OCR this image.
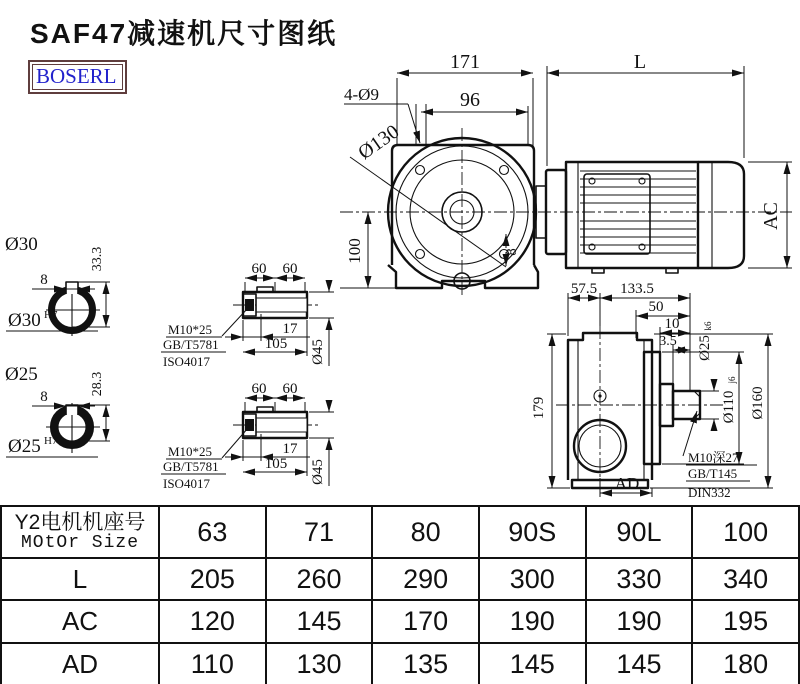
SAF47减速机尺寸图纸
BOSERL
171	L
96
4-Ø9
Ø130
100	8
AC
Ø30
8
33.3
Ø30 H7
Ø25
8
28.3
Ø25 H7
60 60
17
105 Ø45
M10*25
GB/T5781
ISO4017
60 60
17
105 Ø45
M10*25
GB/T5781
ISO4017
57.5 133.5
50
10
3.5 Ø25
k6
Ø110
j6
Ø160
179
AD
M10深27
GB/T145
DIN332
Y2电机机座号
MOtOr Size	63	71	80	90S	90L	100
L	205	260	290	300	330	340
AC	120	145	170	190	190	195
AD	110	130	135	145	145	180
